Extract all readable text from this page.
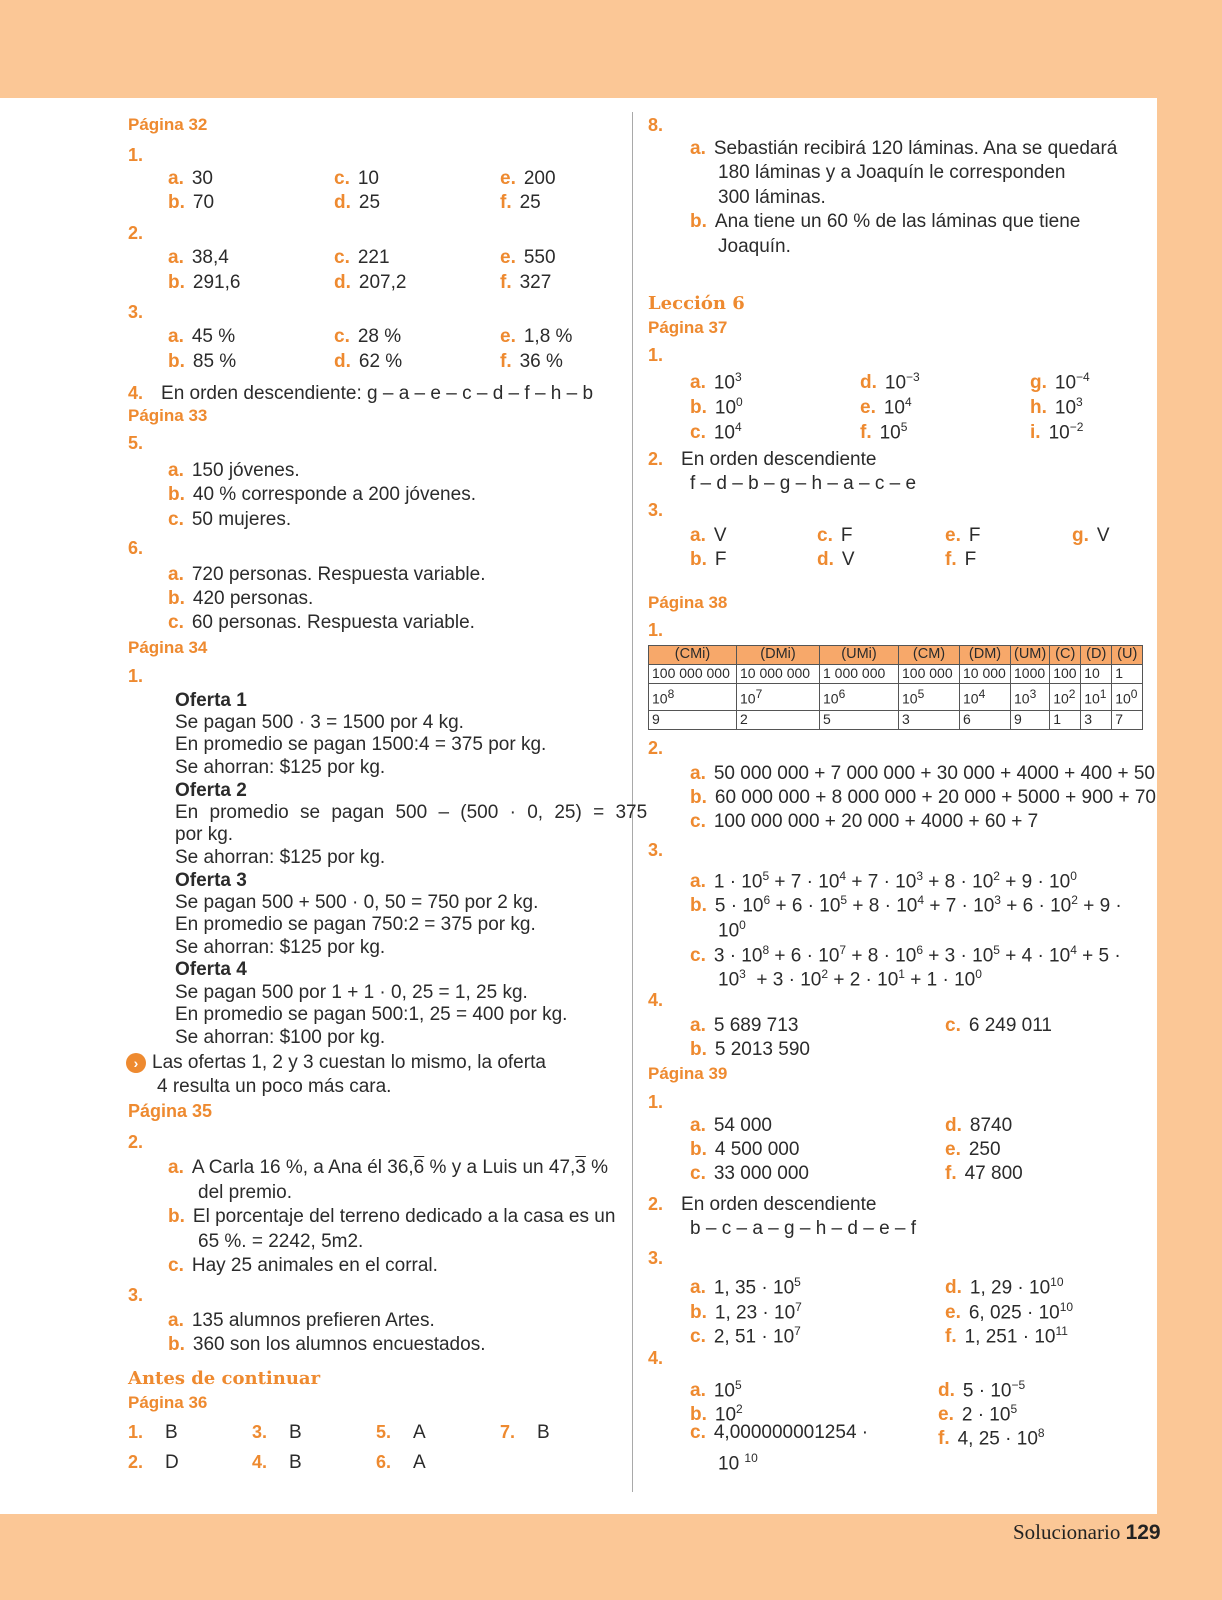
Página 32
1.
a. 30
b. 70
c. 10
d. 25
e. 200
f. 25
2.
a. 38,4
b. 291,6
c. 221
d. 207,2
e. 550
f. 327
3.
a. 45 %
b. 85 %
c. 28 %
d. 62 %
e. 1,8 %
f. 36 %
4. En orden descendiente: g – a – e – c – d – f – h – b
Página 33
5.
a. 150 jóvenes.
b. 40 % corresponde a 200 jóvenes.
c. 50 mujeres.
6.
a. 720 personas. Respuesta variable.
b. 420 personas.
c. 60 personas. Respuesta variable.
Página 34
1.
Oferta 1
Se pagan 500 · 3 = 1500 por 4 kg.
En promedio se pagan 1500:4 = 375 por kg.
Se ahorran: $125 por kg.
Oferta 2
En promedio se pagan 500 – (500 · 0, 25) = 375
por kg.
Se ahorran: $125 por kg.
Oferta 3
Se pagan 500 + 500 · 0, 50 = 750 por 2 kg.
En promedio se pagan 750:2 = 375 por kg.
Se ahorran: $125 por kg.
Oferta 4
Se pagan 500 por 1 + 1 · 0, 25 = 1, 25 kg.
En promedio se pagan 500:1, 25 = 400 por kg.
Se ahorran: $100 por kg.
› Las ofertas 1, 2 y 3 cuestan lo mismo, la oferta
4 resulta un poco más cara.
Página 35
2.
a. A Carla 16 %, a Ana él 36,6 % y a Luis un 47,3 %
del premio.
b. El porcentaje del terreno dedicado a la casa es un
65 %. = 2242, 5m2.
c. Hay 25 animales en el corral.
3.
a. 135 alumnos prefieren Artes.
b. 360 son los alumnos encuestados.
Antes de continuar
Página 36
1. B
2. D
3. B
4. B
5. A
6. A
7. B
8.
a. Sebastián recibirá 120 láminas. Ana se quedará
180 láminas y a Joaquín le corresponden
300 láminas.
b. Ana tiene un 60 % de las láminas que tiene
Joaquín.
Lección 6
Página 37
1.
a. $10^3$
b. $10^0$
c. $10^4$
d. $10^{-3}$
e. $10^4$
f. $10^5$
g. $10^{-4}$
h. $10^3$
i. $10^{-2}$
2. En orden descendiente
f – d – b – g – h – a – c – e
3.
a. V
b. F
c. F
d. V
e. F
f. F
g. V
Página 38
1.
(CMi)	(DMi)	(UMi)	(CM)	(DM)	(UM)	(C)	(D)	(U)
100 000 000	10 000 000	1 000 000	100 000	10 000	1000	100	10	1
$10^8$	$10^7$	$10^6$	$10^5$	$10^4$	$10^3$	$10^2$	$10^1$	$10^0$
9	2	5	3	6	9	1	3	7
2.
a. 50 000 000 + 7 000 000 + 30 000 + 4000 + 400 + 50
b. 60 000 000 + 8 000 000 + 20 000 + 5000 + 900 + 70
c. 100 000 000 + 20 000 + 4000 + 60 + 7
3.
a. $1 \cdot 10^5 + 7 \cdot 10^4 + 7 \cdot 10^3 + 8 \cdot 10^2 + 9 \cdot 10^0$
b. $5 \cdot 10^6 + 6 \cdot 10^5 + 8 \cdot 10^4 + 7 \cdot 10^3 + 6 \cdot 10^2 + 9$ ·
$10^0$
c. $3 \cdot 10^8 + 6 \cdot 10^7 + 8 \cdot 10^6 + 3 \cdot 10^5 + 4 \cdot 10^4 + 5$ ·
$10^3 + 3 \cdot 10^2 + 2 \cdot 10^1 + 1 \cdot 10^0$
4.
a. 5 689 713
b. 5 2013 590
c. 6 249 011
Página 39
1.
a. 54 000
b. 4 500 000
c. 33 000 000
d. 8740
e. 250
f. 47 800
2. En orden descendiente
b – c – a – g – h – d – e – f
3.
a. 1, $35 \cdot 10^5$
b. 1, $23 \cdot 10^7$
c. 2, $51 \cdot 10^7$
d. 1, $29 \cdot 10^{10}$
e. 6, $025 \cdot 10^{10}$
f. 1, $251 \cdot 10^{11}$
4.
a. $10^5$
b. $10^2$
c. 4,000000001254 ·
10 $^{10}$
d. $5 \cdot 10^{-5}$
e. $2 \cdot 10^5$
f. 4, $25 \cdot 10^8$
Solucionario 129
